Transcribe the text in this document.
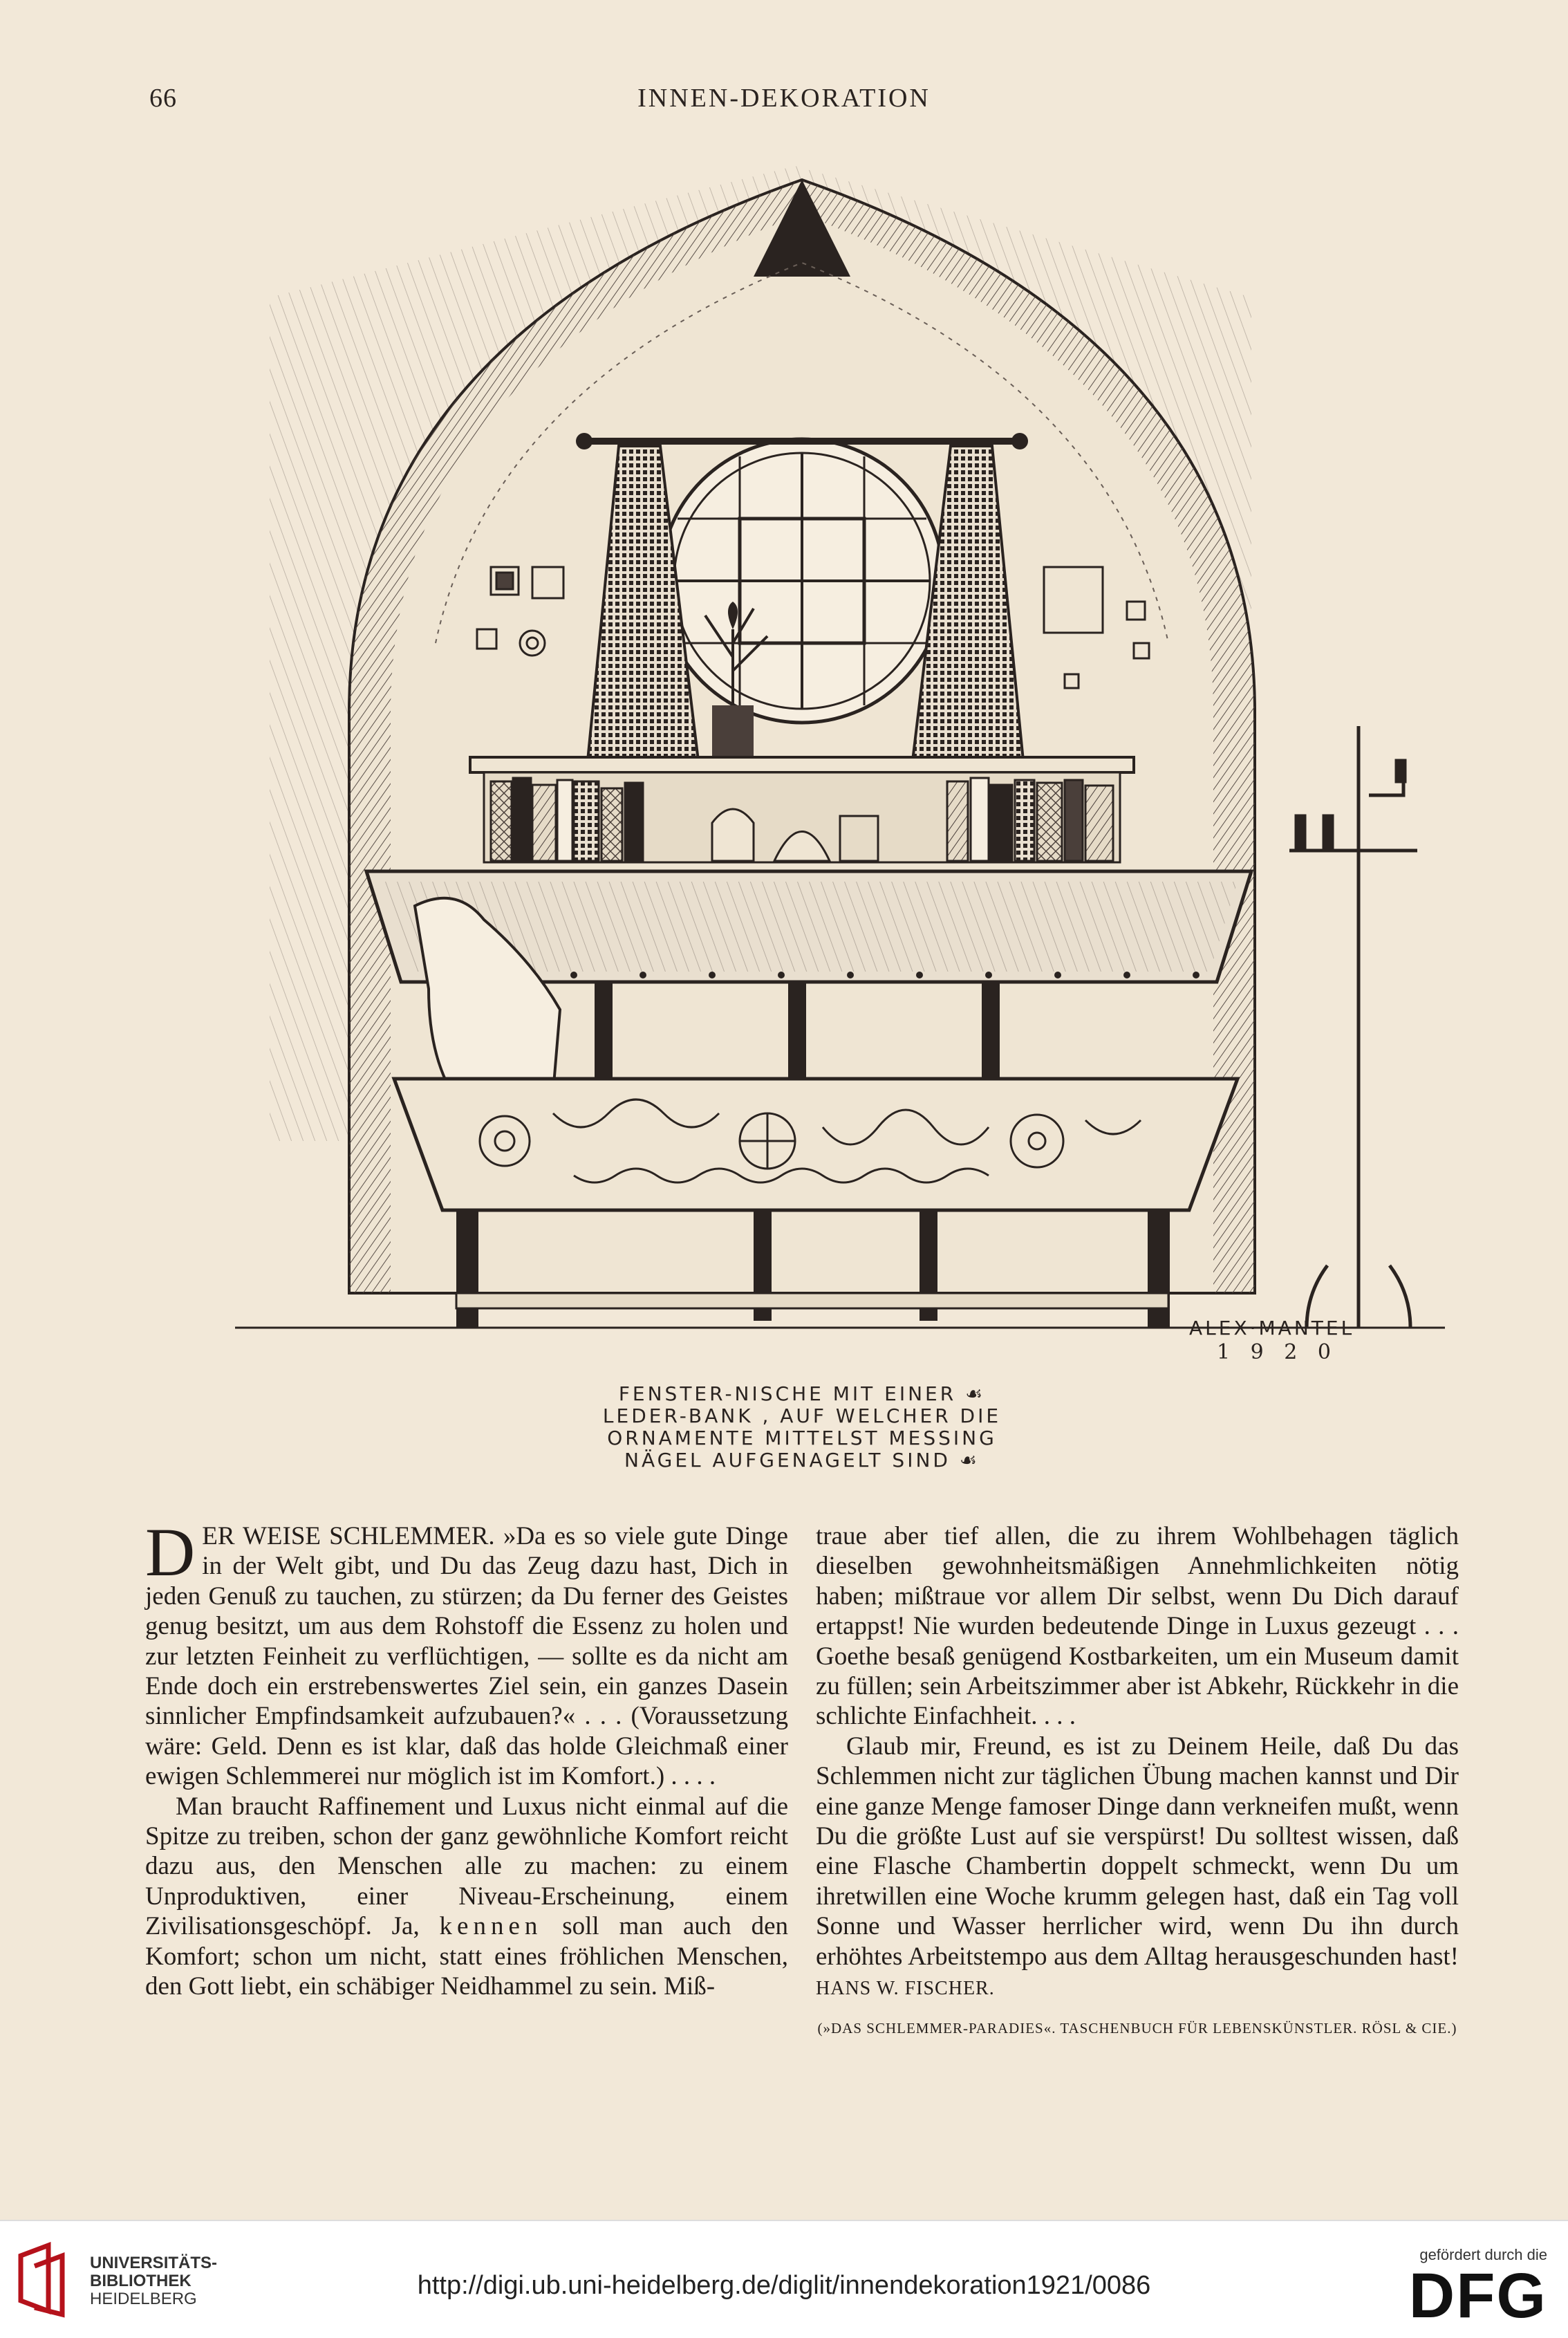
66	INNEN-DEKORATION
ALEX·MANTEL
1 9 2 0
FENSTER-NISCHE MIT EINER ☙
LEDER-BANK , AUF WELCHER DIE
ORNAMENTE MITTELST MESSING
NÄGEL AUFGENAGELT SIND ☙

DER WEISE SCHLEMMER. »Da es so viele gute Dinge in der Welt gibt, und Du das Zeug dazu hast, Dich in jeden Genuß zu tauchen, zu stürzen; da Du ferner des Geistes genug besitzt, um aus dem Rohstoff die Essenz zu holen und zur letzten Feinheit zu verflüchtigen, — sollte es da nicht am Ende doch ein erstrebenswertes Ziel sein, ein ganzes Dasein sinnlicher Empfindsamkeit aufzubauen?« . . . (Voraussetzung wäre: Geld. Denn es ist klar, daß das holde Gleichmaß einer ewigen Schlemmerei nur möglich ist im Komfort.) . . . .

Man braucht Raffinement und Luxus nicht einmal auf die Spitze zu treiben, schon der ganz gewöhnliche Komfort reicht dazu aus, den Menschen alle zu machen: zu einem Unproduktiven, einer Niveau-Erscheinung, einem Zivilisationsgeschöpf. Ja, kennen soll man auch den Komfort; schon um nicht, statt eines fröhlichen Menschen, den Gott liebt, ein schäbiger Neidhammel zu sein. Miß-

traue aber tief allen, die zu ihrem Wohlbehagen täglich dieselben gewohnheitsmäßigen Annehmlichkeiten nötig haben; mißtraue vor allem Dir selbst, wenn Du Dich darauf ertappst! Nie wurden bedeutende Dinge in Luxus gezeugt . . . Goethe besaß genügend Kostbarkeiten, um ein Museum damit zu füllen; sein Arbeitszimmer aber ist Abkehr, Rückkehr in die schlichte Einfachheit. . . .

Glaub mir, Freund, es ist zu Deinem Heile, daß Du das Schlemmen nicht zur täglichen Übung machen kannst und Dir eine ganze Menge famoser Dinge dann verkneifen mußt, wenn Du die größte Lust auf sie verspürst! Du solltest wissen, daß eine Flasche Chambertin doppelt schmeckt, wenn Du um ihretwillen eine Woche krumm gelegen hast, daß ein Tag voll Sonne und Wasser herrlicher wird, wenn Du ihn durch erhöhtes Arbeitstempo aus dem Alltag herausgeschunden hast! HANS W. FISCHER.

(»DAS SCHLEMMER-PARADIES«. TASCHENBUCH FÜR LEBENSKÜNSTLER. RÖSL & CIE.)

UNIVERSITÄTS-
BIBLIOTHEK
HEIDELBERG	http://digi.ub.uni-heidelberg.de/diglit/innendekoration1921/0086
gefördert durch die
DFG
